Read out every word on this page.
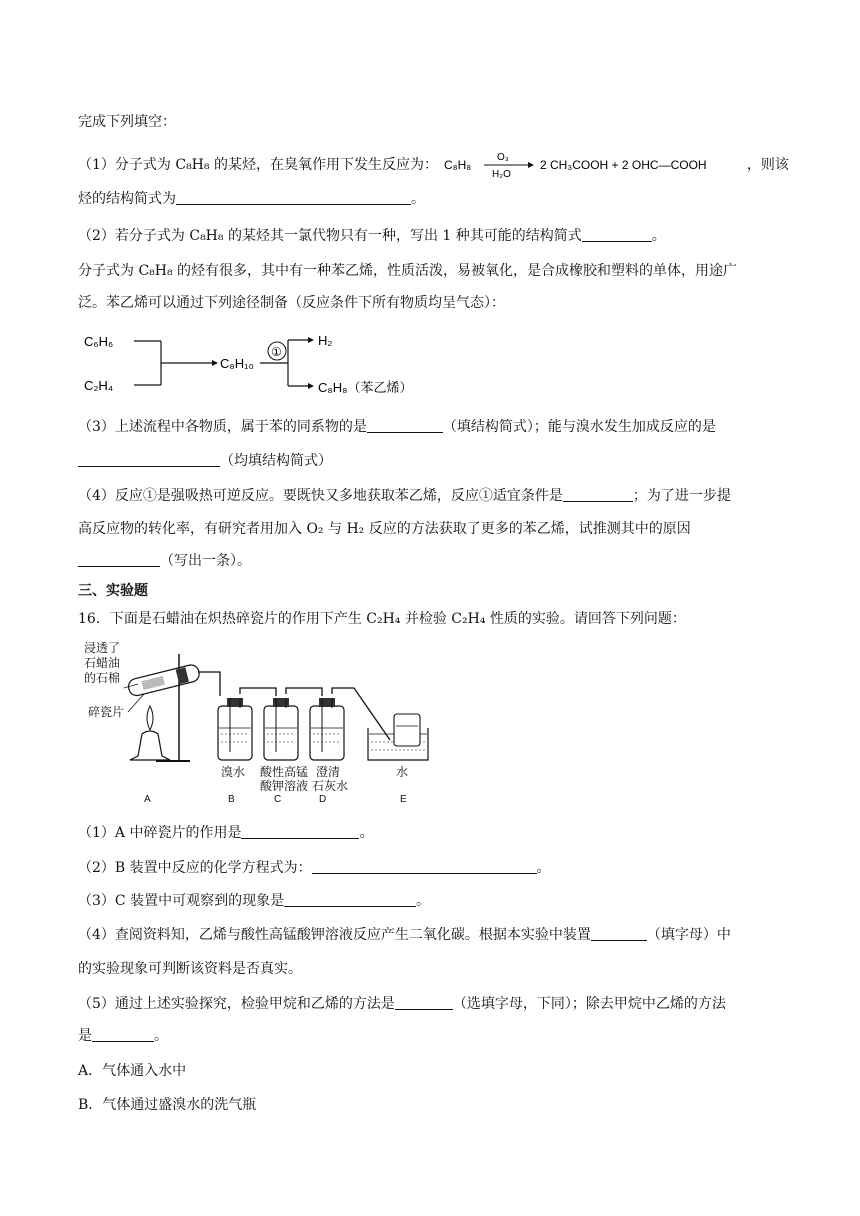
完成下列填空：
（1）分子式为 C₈H₈ 的某烃，在臭氧作用下发生反应为： C₈H₈
O₃
H₂O
2 CH₃COOH + 2 OHC—COOH	，则该
烃的结构简式为	。
（2）若分子式为 C₈H₈ 的某烃其一氯代物只有一种，写出 1 种其可能的结构简式	。
分子式为 C₈H₈ 的烃有很多，其中有一种苯乙烯，性质活泼，易被氧化，是合成橡胶和塑料的单体，用途广
泛。苯乙烯可以通过下列途径制备（反应条件下所有物质均呈气态）：
C₆H₆
C₂H₄
C₈H₁₀
①
H₂
C₈H₈（苯乙烯）
（3）上述流程中各物质，属于苯的同系物的是	（填结构简式）；能与溴水发生加成反应的是
（均填结构简式）
（4）反应①是强吸热可逆反应。要既快又多地获取苯乙烯，反应①适宜条件是	；为了进一步提
高反应物的转化率，有研究者用加入 O₂ 与 H₂ 反应的方法获取了更多的苯乙烯，试推测其中的原因
（写出一条）。
三、实验题
16．下面是石蜡油在炽热碎瓷片的作用下产生 C₂H₄ 并检验 C₂H₄ 性质的实验。请回答下列问题：
浸透了
石蜡油
的石棉
碎瓷片
溴水 酸性高锰
酸钾溶液
澄清
石灰水
水
A	B	C	D	E
（1）A 中碎瓷片的作用是	。
（2）B 装置中反应的化学方程式为：	。
（3）C 装置中可观察到的现象是	。
（4）查阅资料知，乙烯与酸性高锰酸钾溶液反应产生二氧化碳。根据本实验中装置	（填字母）中
的实验现象可判断该资料是否真实。
（5）通过上述实验探究，检验甲烷和乙烯的方法是	（选填字母，下同）；除去甲烷中乙烯的方法
是	。
A．气体通入水中
B．气体通过盛溴水的洗气瓶
